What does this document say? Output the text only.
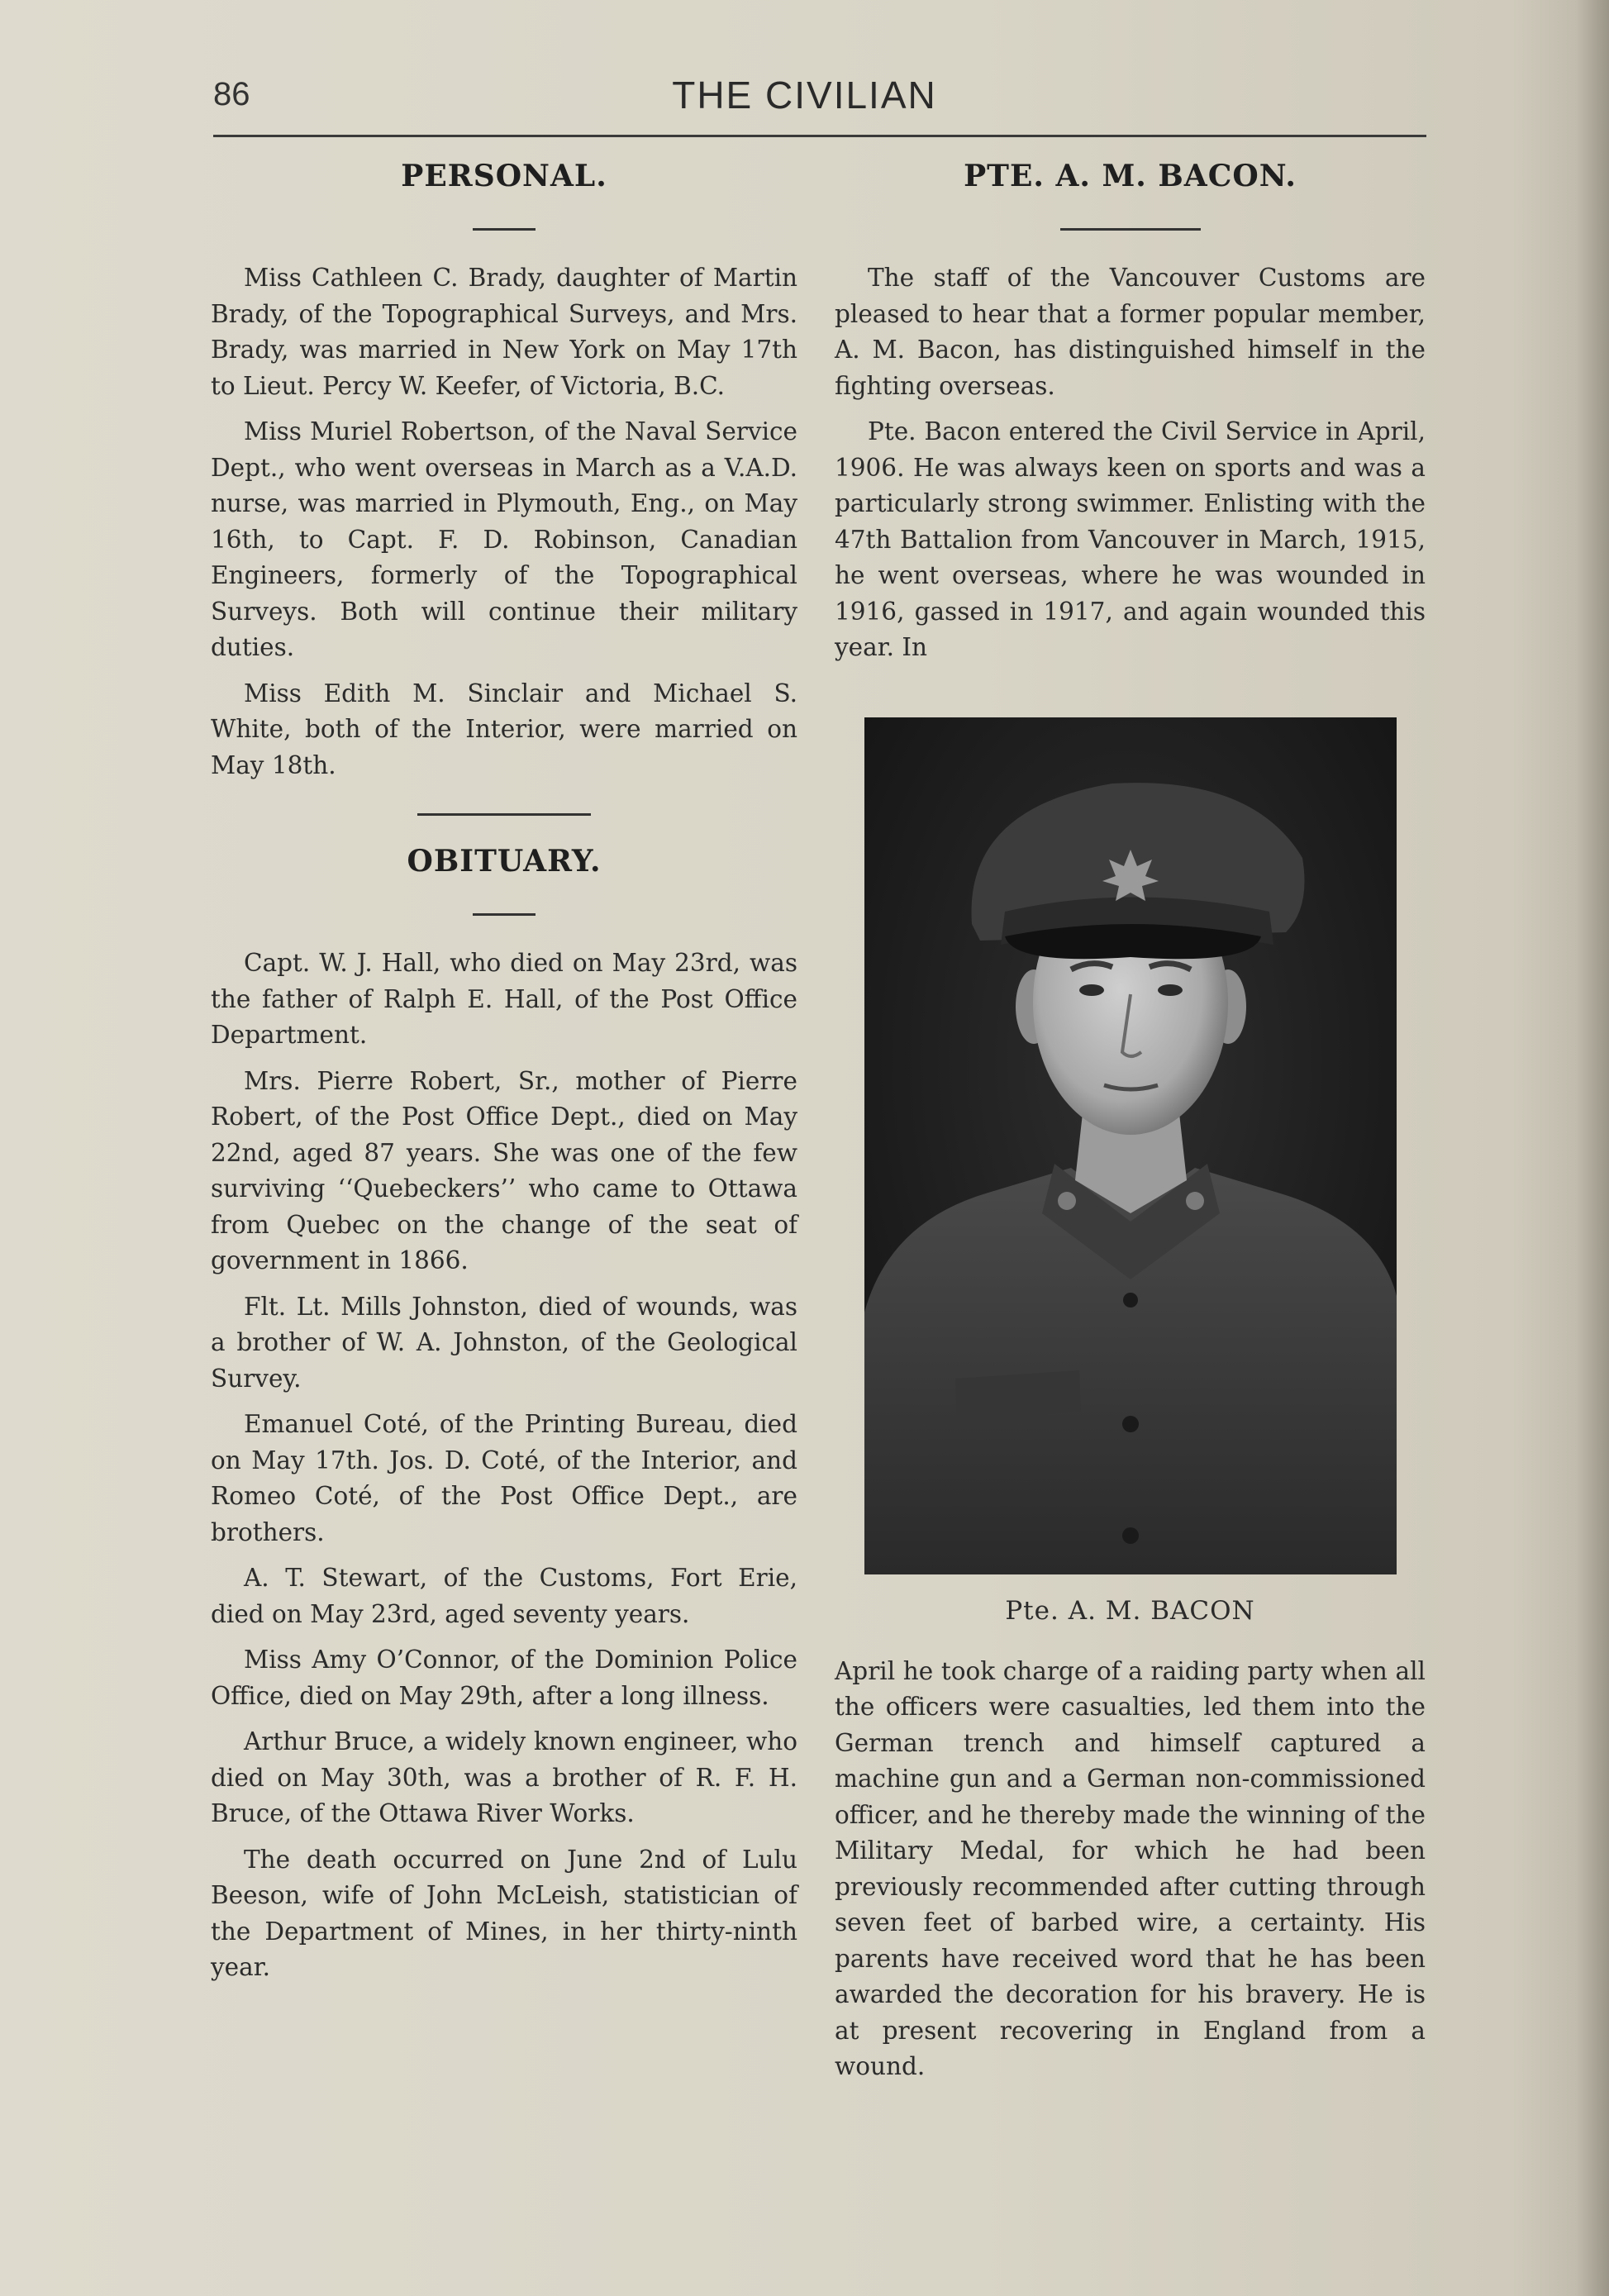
86	THE CIVILIAN
PERSONAL.

Miss Cathleen C. Brady, daughter of Martin Brady, of the Topographical Surveys, and Mrs. Brady, was married in New York on May 17th to Lieut. Percy W. Keefer, of Victoria, B.C.

Miss Muriel Robertson, of the Naval Service Dept., who went overseas in March as a V.A.D. nurse, was married in Plymouth, Eng., on May 16th, to Capt. F. D. Robinson, Canadian Engineers, formerly of the Topographical Surveys. Both will continue their military duties.

Miss Edith M. Sinclair and Michael S. White, both of the Interior, were married on May 18th.

OBITUARY.

Capt. W. J. Hall, who died on May 23rd, was the father of Ralph E. Hall, of the Post Office Department.

Mrs. Pierre Robert, Sr., mother of Pierre Robert, of the Post Office Dept., died on May 22nd, aged 87 years. She was one of the few surviving ‘‘Quebeckers’’ who came to Ottawa from Quebec on the change of the seat of government in 1866.

Flt. Lt. Mills Johnston, died of wounds, was a brother of W. A. Johnston, of the Geological Survey.

Emanuel Coté, of the Printing Bureau, died on May 17th. Jos. D. Coté, of the Interior, and Romeo Coté, of the Post Office Dept., are brothers.

A. T. Stewart, of the Customs, Fort Erie, died on May 23rd, aged seventy years.

Miss Amy O’Connor, of the Dominion Police Office, died on May 29th, after a long illness.

Arthur Bruce, a widely known engineer, who died on May 30th, was a brother of R. F. H. Bruce, of the Ottawa River Works.

The death occurred on June 2nd of Lulu Beeson, wife of John McLeish, statistician of the Department of Mines, in her thirty-ninth year.

PTE. A. M. BACON.

The staff of the Vancouver Customs are pleased to hear that a former popular member, A. M. Bacon, has distinguished himself in the fighting overseas.

Pte. Bacon entered the Civil Service in April, 1906. He was always keen on sports and was a particularly strong swimmer. Enlisting with the 47th Battalion from Vancouver in March, 1915, he went overseas, where he was wounded in 1916, gassed in 1917, and again wounded this year. In

Pte. A. M. BACON

April he took charge of a raiding party when all the officers were casualties, led them into the German trench and himself captured a machine gun and a German non-commissioned officer, and he thereby made the winning of the Military Medal, for which he had been previously recommended after cutting through seven feet of barbed wire, a certainty. His parents have received word that he has been awarded the decoration for his bravery. He is at present recovering in England from a wound.
